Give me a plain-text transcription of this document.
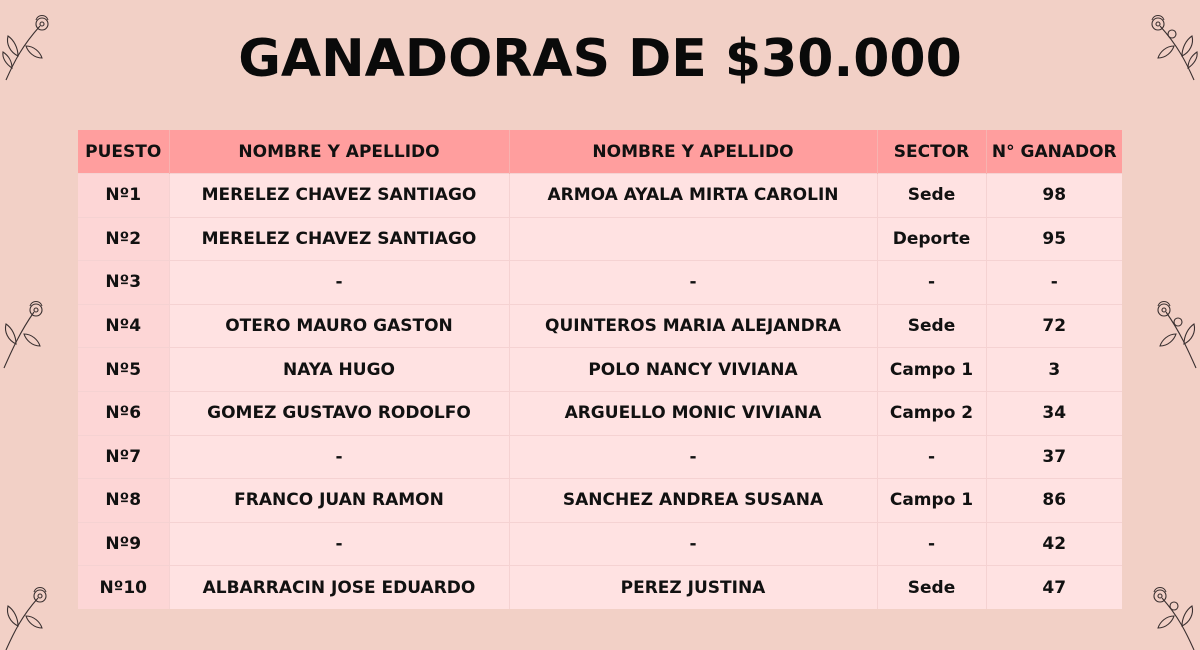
GANADORAS DE $30.000
PUESTO	NOMBRE Y APELLIDO	NOMBRE Y APELLIDO	SECTOR	N° GANADOR
Nº1	MERELEZ CHAVEZ SANTIAGO	ARMOA AYALA MIRTA CAROLIN	Sede	98
Nº2	MERELEZ CHAVEZ SANTIAGO		Deporte	95
Nº3	-	-	-	-
Nº4	OTERO MAURO GASTON	QUINTEROS MARIA ALEJANDRA	Sede	72
Nº5	NAYA HUGO	POLO NANCY VIVIANA	Campo 1	3
Nº6	GOMEZ GUSTAVO RODOLFO	ARGUELLO MONIC VIVIANA	Campo 2	34
Nº7	-	-	-	37
Nº8	FRANCO JUAN RAMON	SANCHEZ ANDREA SUSANA	Campo 1	86
Nº9	-	-	-	42
Nº10	ALBARRACIN JOSE EDUARDO	PEREZ JUSTINA	Sede	47
